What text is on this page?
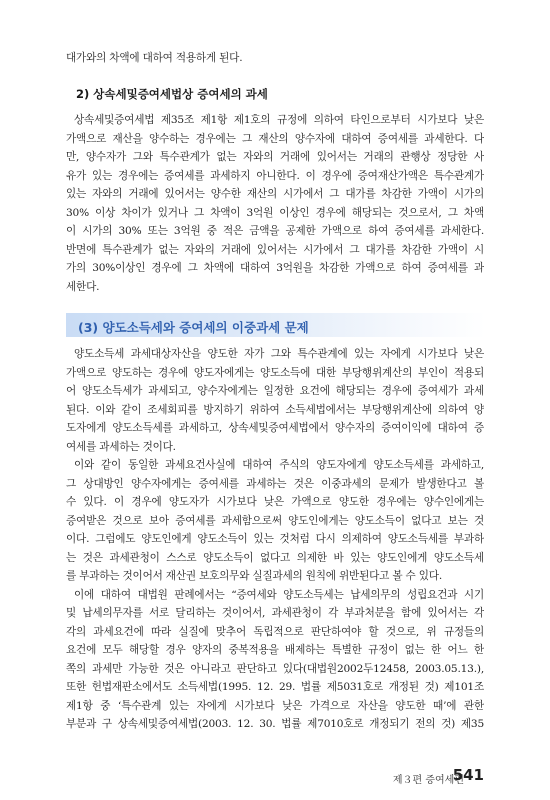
대가와의 차액에 대하여 적용하게 된다.
2) 상속세및증여세법상 증여세의 과세
상속세및증여세법 제35조 제1항 제1호의 규정에 의하여 타인으로부터 시가보다 낮은
가액으로 재산을 양수하는 경우에는 그 재산의 양수자에 대하여 증여세를 과세한다. 다
만, 양수자가 그와 특수관계가 없는 자와의 거래에 있어서는 거래의 관행상 정당한 사
유가 있는 경우에는 증여세를 과세하지 아니한다. 이 경우에 증여재산가액은 특수관계가
있는 자와의 거래에 있어서는 양수한 재산의 시가에서 그 대가를 차감한 가액이 시가의
30% 이상 차이가 있거나 그 차액이 3억원 이상인 경우에 해당되는 것으로서, 그 차액
이 시가의 30% 또는 3억원 중 적은 금액을 공제한 가액으로 하여 증여세를 과세한다.
반면에 특수관계가 없는 자와의 거래에 있어서는 시가에서 그 대가를 차감한 가액이 시
가의 30%이상인 경우에 그 차액에 대하여 3억원을 차감한 가액으로 하여 증여세를 과
세한다.
(3) 양도소득세와 증여세의 이중과세 문제
양도소득세 과세대상자산을 양도한 자가 그와 특수관계에 있는 자에게 시가보다 낮은
가액으로 양도하는 경우에 양도자에게는 양도소득에 대한 부당행위계산의 부인이 적용되
어 양도소득세가 과세되고, 양수자에게는 일정한 요건에 해당되는 경우에 증여세가 과세
된다. 이와 같이 조세회피를 방지하기 위하여 소득세법에서는 부당행위계산에 의하여 양
도자에게 양도소득세를 과세하고, 상속세및증여세법에서 양수자의 증여이익에 대하여 증
여세를 과세하는 것이다.
이와 같이 동일한 과세요건사실에 대하여 주식의 양도자에게 양도소득세를 과세하고,
그 상대방인 양수자에게는 증여세를 과세하는 것은 이중과세의 문제가 발생한다고 볼
수 있다. 이 경우에 양도자가 시가보다 낮은 가액으로 양도한 경우에는 양수인에게는
증여받은 것으로 보아 증여세를 과세함으로써 양도인에게는 양도소득이 없다고 보는 것
이다. 그럼에도 양도인에게 양도소득이 있는 것처럼 다시 의제하여 양도소득세를 부과하
는 것은 과세관청이 스스로 양도소득이 없다고 의제한 바 있는 양도인에게 양도소득세
를 부과하는 것이어서 재산권 보호의무와 실질과세의 원칙에 위반된다고 볼 수 있다.
이에 대하여 대법원 판례에서는 “증여세와 양도소득세는 납세의무의 성립요건과 시기
및 납세의무자를 서로 달리하는 것이어서, 과세관청이 각 부과처분을 함에 있어서는 각
각의 과세요건에 따라 실질에 맞추어 독립적으로 판단하여야 할 것으로, 위 규정들의
요건에 모두 해당할 경우 양자의 중복적용을 배제하는 특별한 규정이 없는 한 어느 한
쪽의 과세만 가능한 것은 아니라고 판단하고 있다(대법원2002두12458, 2003.05.13.),
또한 헌법재판소에서도 소득세법(1995. 12. 29. 법률 제5031호로 개정된 것) 제101조
제1항 중 ‘특수관계 있는 자에게 시가보다 낮은 가격으로 자산을 양도한 때’에 관한
부분과 구 상속세및증여세법(2003. 12. 30. 법률 제7010호로 개정되기 전의 것) 제35
제３편 증여세편
541
